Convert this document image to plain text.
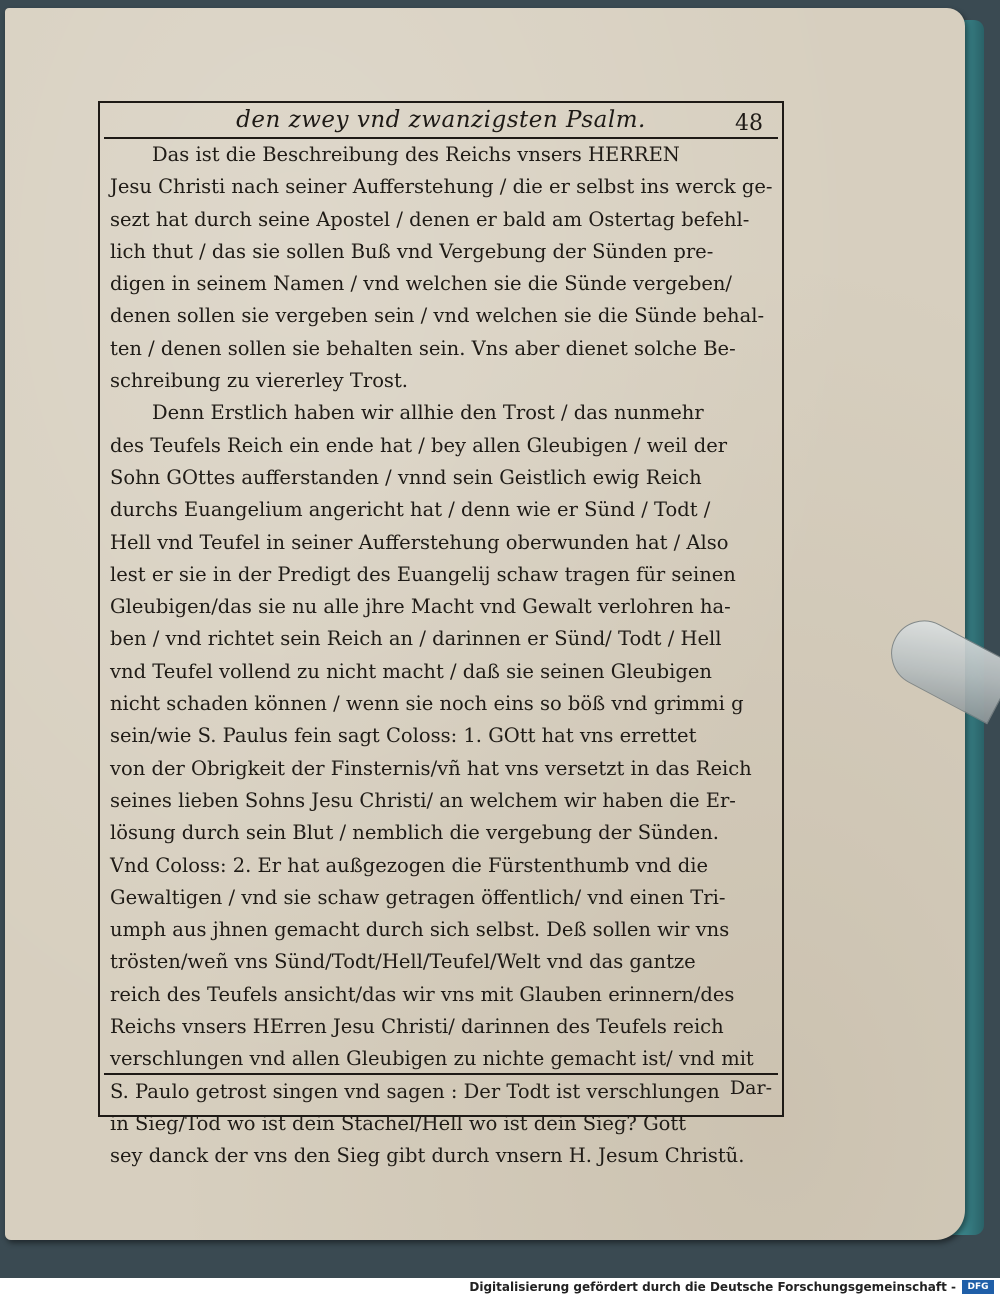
den zwey vnd zwanzigsten Psalm.
Das ist die Beschreibung des Reichs vnsers HERREN
Jesu Christi nach seiner Aufferstehung / die er selbst ins werck ge-
sezt hat durch seine Apostel / denen er bald am Ostertag befehl-
lich thut / das sie sollen Buß vnd Vergebung der Sünden pre-
digen in seinem Namen / vnd welchen sie die Sünde vergeben/
denen sollen sie vergeben sein / vnd welchen sie die Sünde behal-
ten / denen sollen sie behalten sein. Vns aber dienet solche Be-
schreibung zu viererley Trost.
Denn Erstlich haben wir allhie den Trost / das nunmehr
des Teufels Reich ein ende hat / bey allen Gleubigen / weil der
Sohn GOttes aufferstanden / vnnd sein Geistlich ewig Reich
durchs Euangelium angericht hat / denn wie er Sünd / Todt /
Hell vnd Teufel in seiner Aufferstehung oberwunden hat / Also
lest er sie in der Predigt des Euangelij schaw tragen für seinen
Gleubigen/das sie nu alle jhre Macht vnd Gewalt verlohren ha-
ben / vnd richtet sein Reich an / darinnen er Sünd/ Todt / Hell
vnd Teufel vollend zu nicht macht / daß sie seinen Gleubigen
nicht schaden können / wenn sie noch eins so böß vnd grimmi g
sein/wie S. Paulus fein sagt Coloss: 1. GOtt hat vns errettet
von der Obrigkeit der Finsternis/vñ hat vns versetzt in das Reich
seines lieben Sohns Jesu Christi/ an welchem wir haben die Er-
lösung durch sein Blut / nemblich die vergebung der Sünden.
Vnd Coloss: 2. Er hat außgezogen die Fürstenthumb vnd die
Gewaltigen / vnd sie schaw getragen öffentlich/ vnd einen Tri-
umph aus jhnen gemacht durch sich selbst. Deß sollen wir vns
trösten/weñ vns Sünd/Todt/Hell/Teufel/Welt vnd das gantze
reich des Teufels ansicht/das wir vns mit Glauben erinnern/des
Reichs vnsers HErren Jesu Christi/ darinnen des Teufels reich
verschlungen vnd allen Gleubigen zu nichte gemacht ist/ vnd mit
S. Paulo getrost singen vnd sagen : Der Todt ist verschlungen
in Sieg/Tod wo ist dein Stachel/Hell wo ist dein Sieg? Gott
sey danck der vns den Sieg gibt durch vnsern H. Jesum Christũ.
Dar-
48
Digitalisierung gefördert durch die Deutsche Forschungsgemeinschaft -	DFG
